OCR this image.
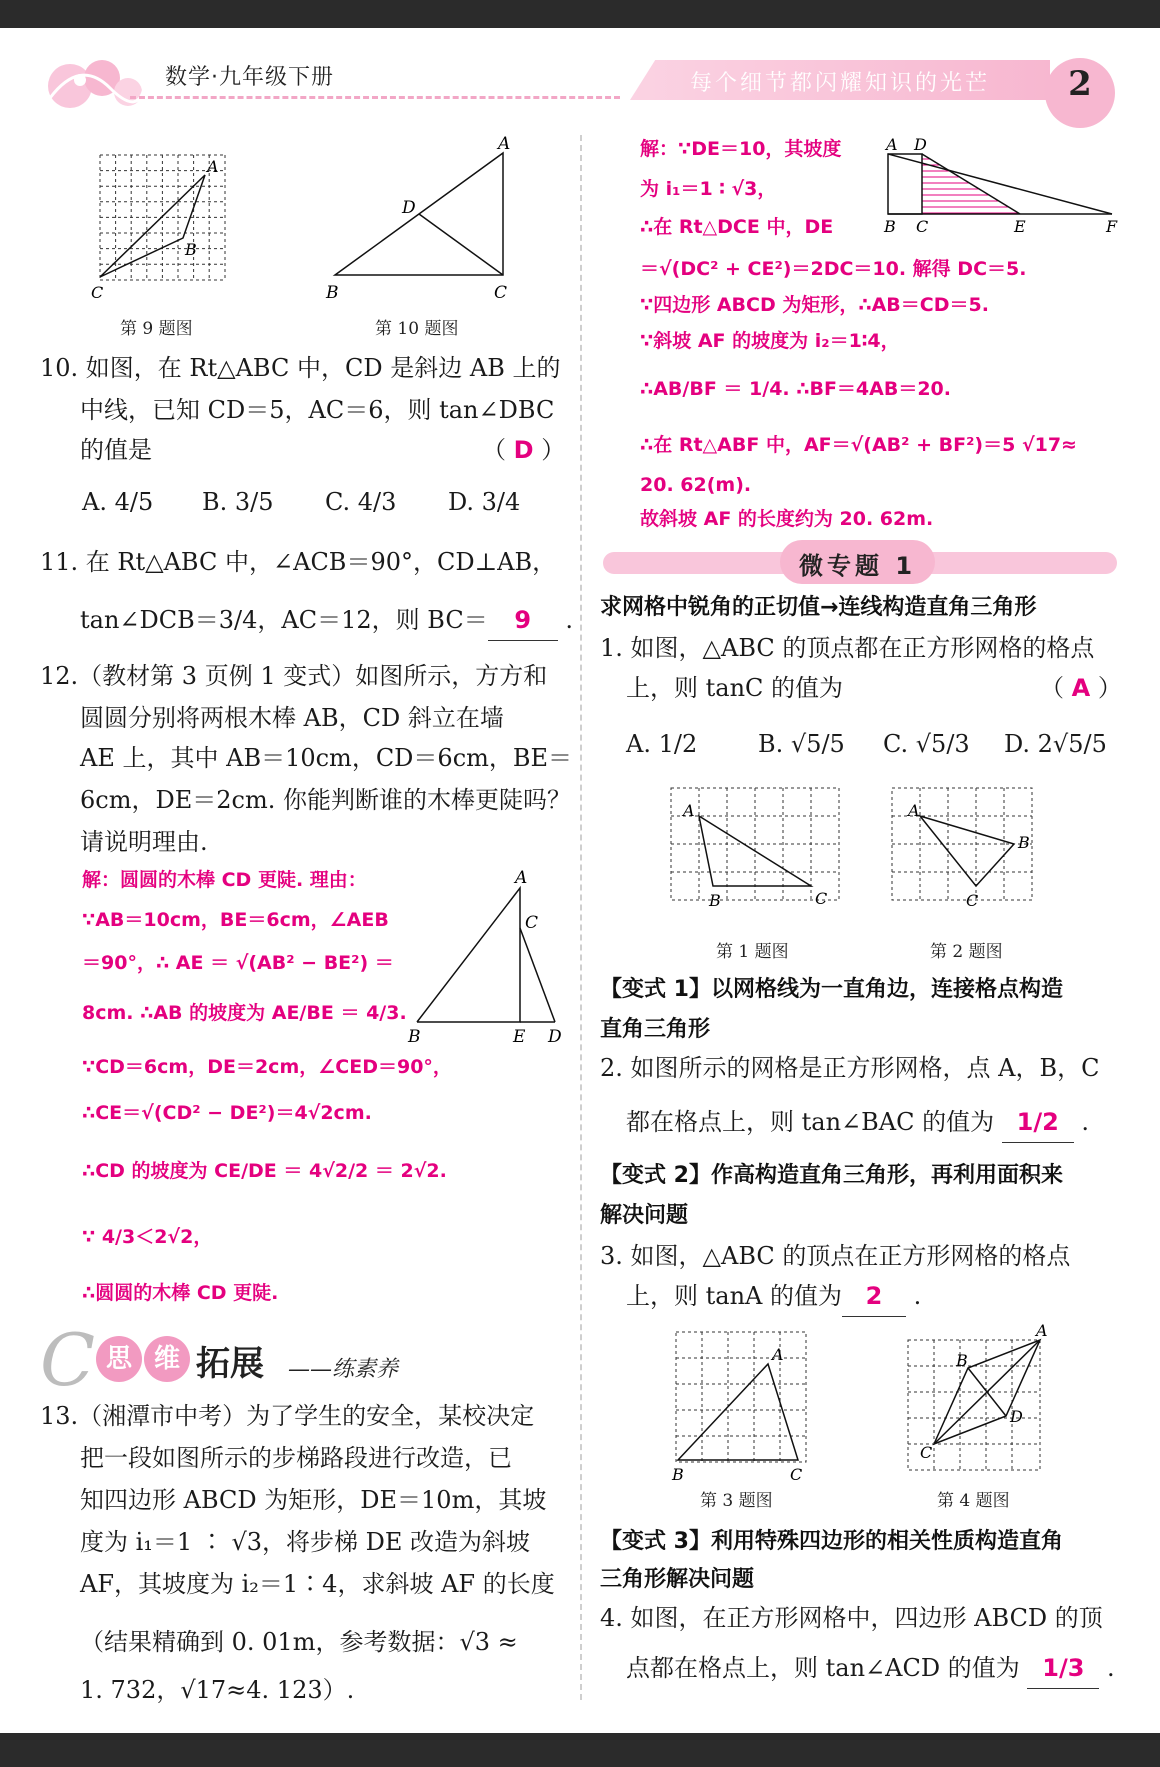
数学·九年级下册	每个细节都闪耀知识的光芒	2
A
B
C
第 9 题图
A
D
B	C
第 10 题图
10. 如图，在 Rt△ABC 中，CD 是斜边 AB 上的
中线，已知 CD＝5，AC＝6，则 tan∠DBC
的值是	（ D ）
A. 4/5 B. 3/5 C. 4/3 D. 3/4
11. 在 Rt△ABC 中，∠ACB＝90°，CD⊥AB，
tan∠DCB＝3/4，AC＝12，则 BC＝ 9 .
12.（教材第 3 页例 1 变式）如图所示，方方和
圆圆分别将两根木棒 AB，CD 斜立在墙
AE 上，其中 AB＝10cm，CD＝6cm，BE＝
6cm，DE＝2cm. 你能判断谁的木棒更陡吗？
请说明理由.
解：圆圆的木棒 CD 更陡. 理由：
∵AB＝10cm，BE＝6cm，∠AEB
＝90°，∴ AE ＝ √(AB² − BE²) ＝
8cm. ∴AB 的坡度为 AE/BE ＝ 4/3.
∵CD＝6cm，DE＝2cm，∠CED＝90°，
∴CE＝√(CD² − DE²)＝4√2cm.
∴CD 的坡度为 CE/DE ＝ 4√2/2 ＝ 2√2.
∵ 4/3＜2√2，
∴圆圆的木棒 CD 更陡.
A
C
B	E D
C 思 维 拓展 ——练素养
13.（湘潭市中考）为了学生的安全，某校决定
把一段如图所示的步梯路段进行改造，已
知四边形 ABCD 为矩形，DE＝10m，其坡
度为 i₁＝1 ∶ √3，将步梯 DE 改造为斜坡
AF，其坡度为 i₂＝1∶4，求斜坡 AF 的长度
（结果精确到 0. 01m，参考数据：√3 ≈
1. 732，√17≈4. 123）.
解：∵DE＝10，其坡度
为 i₁＝1 ∶ √3，
∴在 Rt△DCE 中，DE
＝√(DC² + CE²)＝2DC＝10. 解得 DC＝5.
∵四边形 ABCD 为矩形，∴AB＝CD＝5.
∵斜坡 AF 的坡度为 i₂＝1∶4，
∴AB/BF ＝ 1/4. ∴BF＝4AB＝20.
∴在 Rt△ABF 中，AF＝√(AB² + BF²)＝5 √17≈
20. 62(m).
故斜坡 AF 的长度约为 20. 62m.
A D
B C	E	F
微专题 1
求网格中锐角的正切值→连线构造直角三角形
1. 如图，△ABC 的顶点都在正方形网格的格点
上，则 tanC 的值为	（ A ）
A. 1/2	B. √5/5 C. √5/3 D. 2√5/5
A
B	C
第 1 题图
A
B
C
第 2 题图
【变式 1】以网格线为一直角边，连接格点构造
直角三角形
2. 如图所示的网格是正方形网格，点 A，B，C
都在格点上，则 tan∠BAC 的值为 1/2 .
【变式 2】作高构造直角三角形，再利用面积来
解决问题
3. 如图，△ABC 的顶点在正方形网格的格点
上，则 tanA 的值为 2 .
A
B	C
第 3 题图
A
B
C
D
第 4 题图
【变式 3】利用特殊四边形的相关性质构造直角
三角形解决问题
4. 如图，在正方形网格中，四边形 ABCD 的顶
点都在格点上，则 tan∠ACD 的值为 1/3 .
